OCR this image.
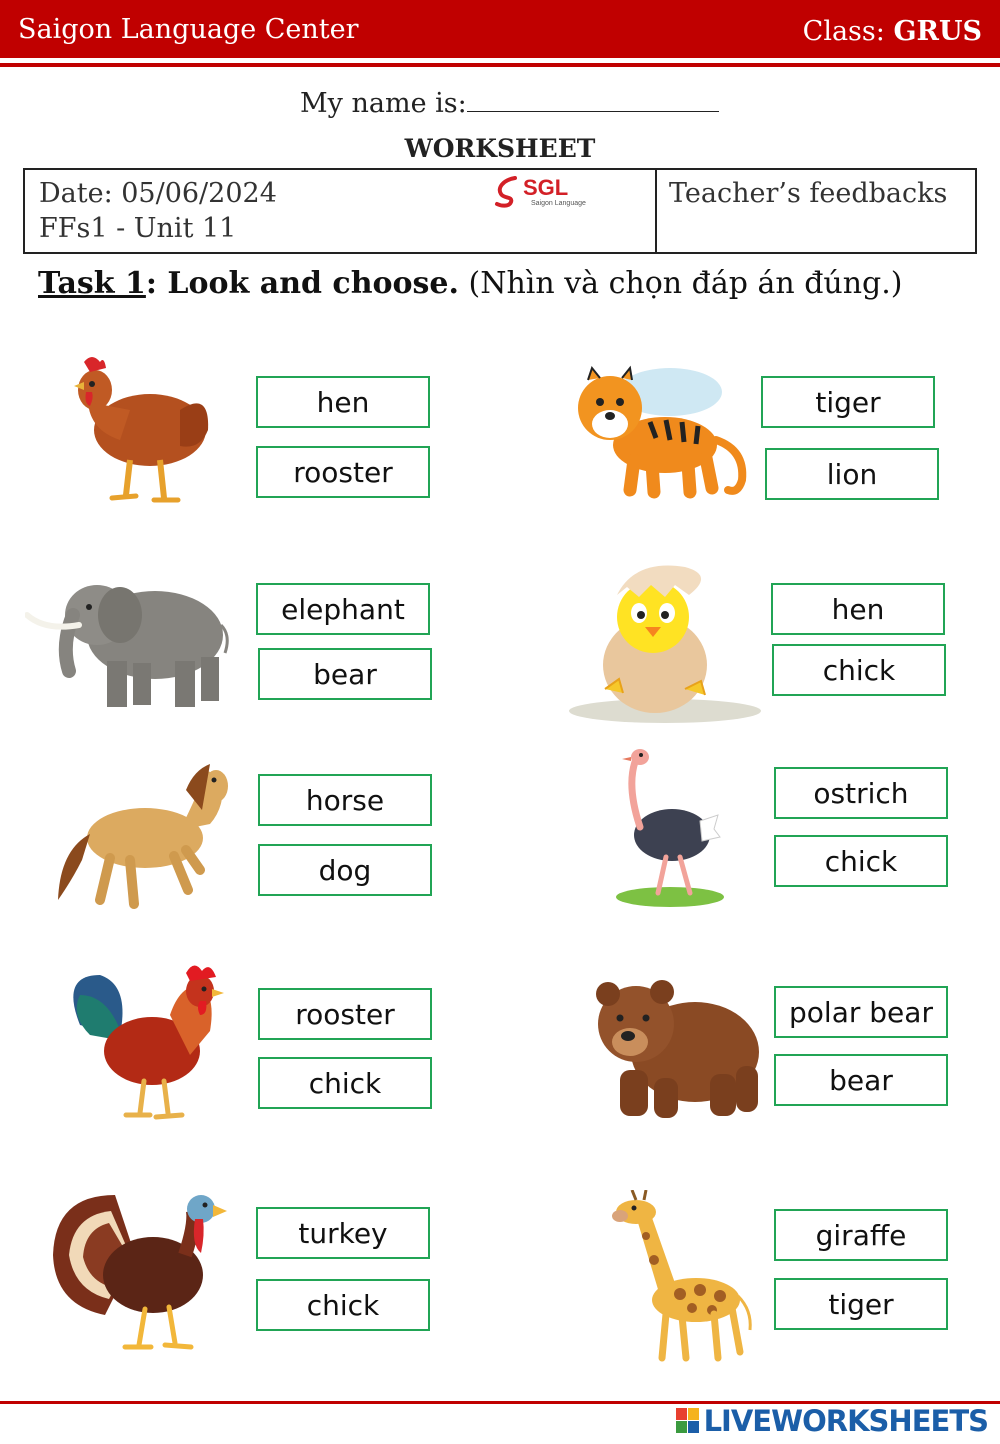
Saigon Language Center	Class: GRUS
My name is:
WORKSHEET
Date: 05/06/2024
FFs1 - Unit 11
SGL
Saigon Language	Teacher’s feedbacks
Task 1: Look and choose. (Nhìn và chọn đáp án đúng.)
hen
rooster
tiger
lion
elephant
bear
hen
chick
horse
dog
ostrich
chick
rooster
chick
polar bear
bear
turkey
chick
giraffe
tiger
LIVEWORKSHEETS
